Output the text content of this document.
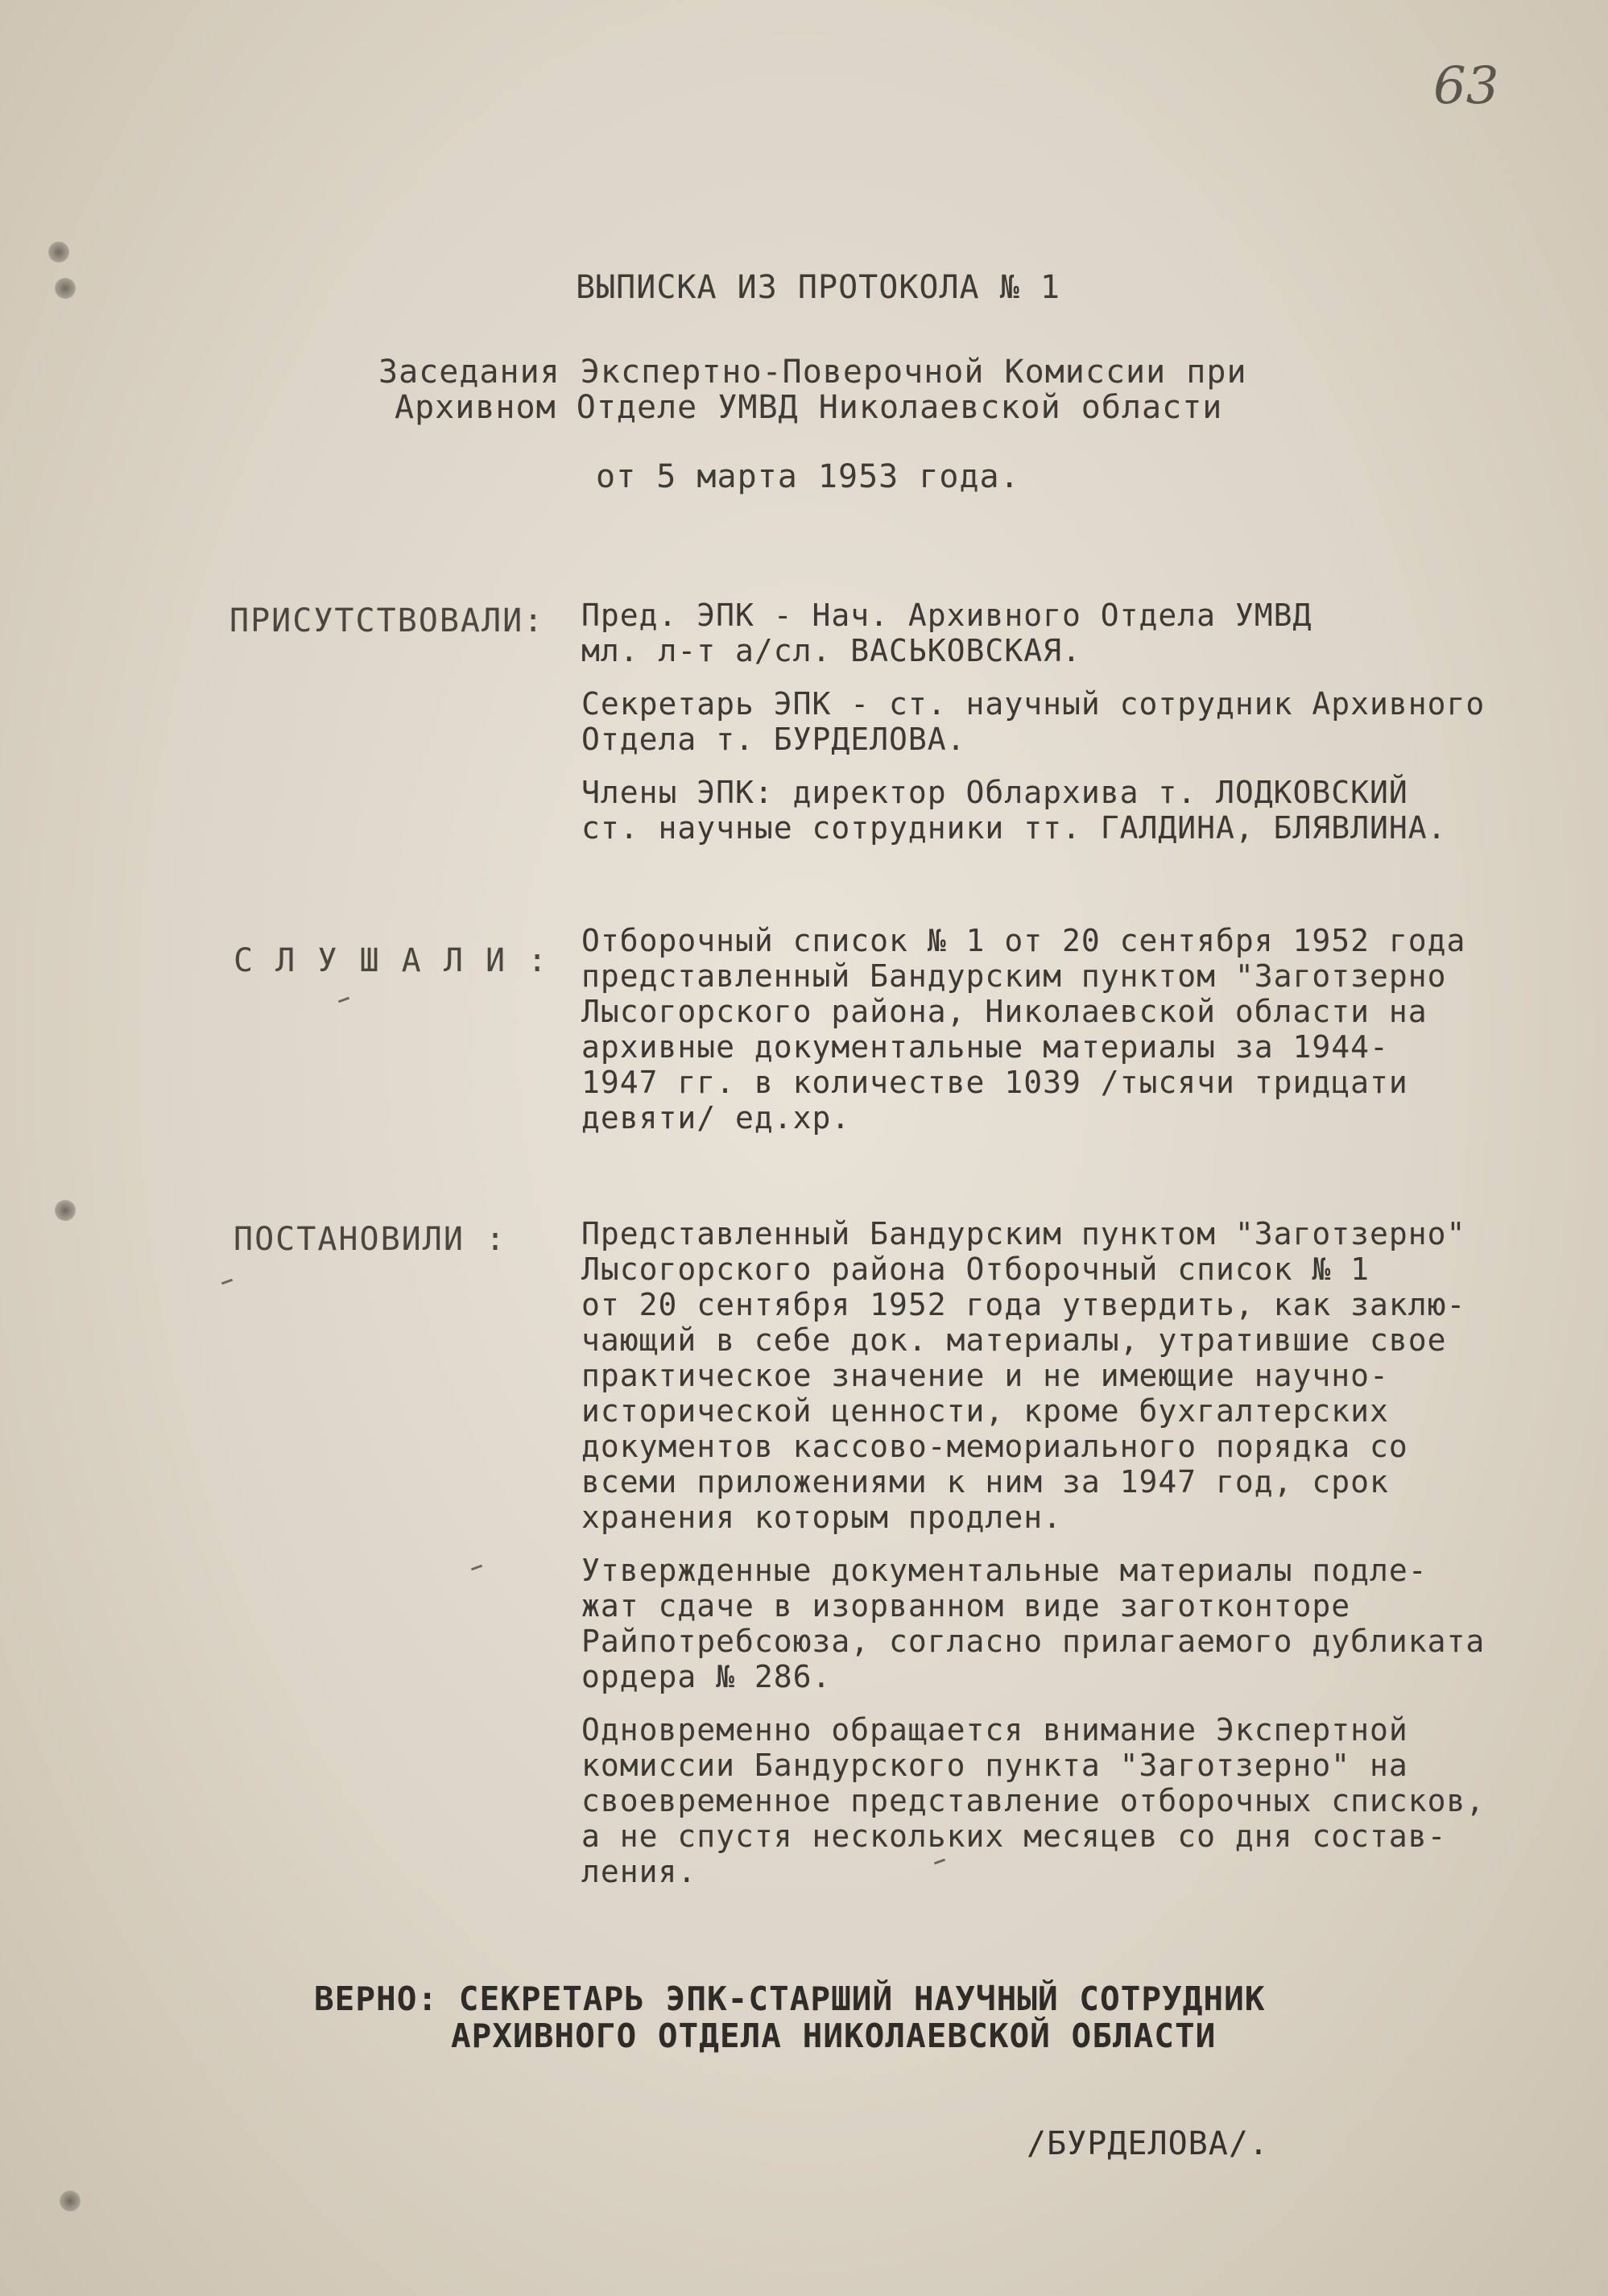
63
ВЫПИСКА ИЗ ПРОТОКОЛА № 1
Заседания Экспертно-Поверочной Комиссии при
Архивном Отделе УМВД Николаевской области
от 5 марта 1953 года.
ПРИСУТСТВОВАЛИ: Пред. ЭПК - Нач. Архивного Отдела УМВД

мл. л-т а/сл. ВАСЬКОВСКАЯ.

Секретарь ЭПК - ст. научный сотрудник Архивного

Отдела т. БУРДЕЛОВА.

Члены ЭПК: директор Облархива т. ЛОДКОВСКИЙ

ст. научные сотрудники тт. ГАЛДИНА, БЛЯВЛИНА.

С Л У Ш А Л И :

Отборочный список № 1 от 20 сентября 1952 года

представленный Бандурским пунктом "Заготзерно

Лысогорского района, Николаевской области на

архивные документальные материалы за 1944-

1947 гг. в количестве 1039 /тысячи тридцати

девяти/ ед.хр.

ПОСТАНОВИЛИ : Представленный Бандурским пунктом "Заготзерно"

Лысогорского района Отборочный список № 1

от 20 сентября 1952 года утвердить, как заклю-

чающий в себе док. материалы, утратившие свое

практическое значение и не имеющие научно-

исторической ценности, кроме бухгалтерских

документов кассово-мемориального порядка со

всеми приложениями к ним за 1947 год, срок

хранения которым продлен.

Утвержденные документальные материалы подле-

жат сдаче в изорванном виде заготконторе

Райпотребсоюза, согласно прилагаемого дубликата

ордера № 286.

Одновременно обращается внимание Экспертной

комиссии Бандурского пункта "Заготзерно" на

своевременное представление отборочных списков,

а не спустя нескольких месяцев со дня состав-

ления.

ВЕРНО: СЕКРЕТАРЬ ЭПК-СТАРШИЙ НАУЧНЫЙ СОТРУДНИК
АРХИВНОГО ОТДЕЛА НИКОЛАЕВСКОЙ ОБЛАСТИ
/БУРДЕЛОВА/.
